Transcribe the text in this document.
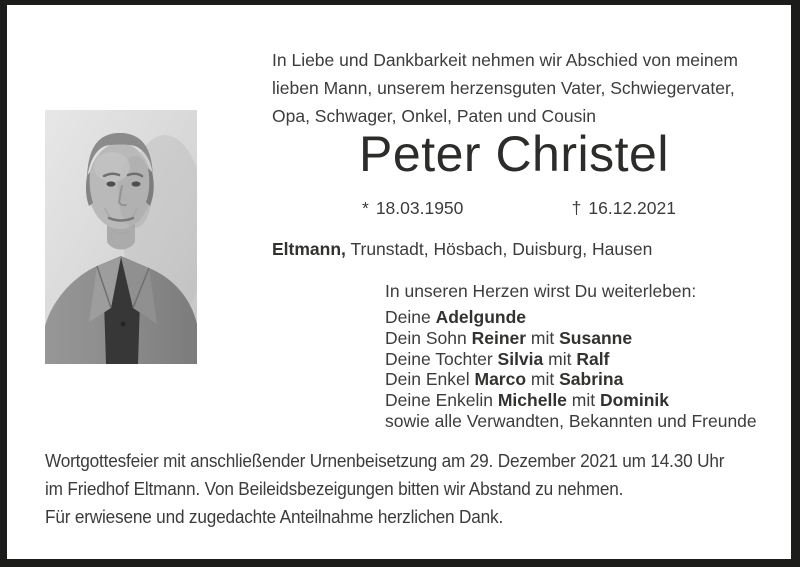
In Liebe und Dankbarkeit nehmen wir Abschied von meinem
lieben Mann, unserem herzensguten Vater, Schwiegervater,
Opa, Schwager, Onkel, Paten und Cousin
Peter Christel
* 18.03.1950	† 16.12.2021
Eltmann, Trunstadt, Hösbach, Duisburg, Hausen
In unseren Herzen wirst Du weiterleben:
Deine Adelgunde
Dein Sohn Reiner mit Susanne
Deine Tochter Silvia mit Ralf
Dein Enkel Marco mit Sabrina
Deine Enkelin Michelle mit Dominik
sowie alle Verwandten, Bekannten und Freunde
Wortgottesfeier mit anschließender Urnenbeisetzung am 29. Dezember 2021 um 14.30 Uhr
im Friedhof Eltmann. Von Beileidsbezeigungen bitten wir Abstand zu nehmen.
Für erwiesene und zugedachte Anteilnahme herzlichen Dank.
